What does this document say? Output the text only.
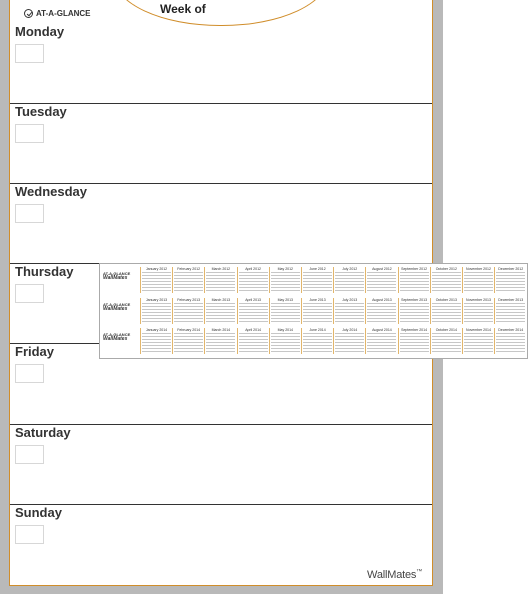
AT-A-GLANCE
Monday
Tuesday
Wednesday
Thursday
Friday
Saturday
Sunday
WallMates™
Week of
AT-A-GLANCE
WallMates
January 2012	February 2012	March 2012	April 2012	May 2012	June 2012	July 2012	August 2012	September 2012	October 2012	November 2012	December 2012
AT-A-GLANCE
WallMates
January 2013	February 2013	March 2013	April 2013	May 2013	June 2013	July 2013	August 2013	September 2013	October 2013	November 2013	December 2013
AT-A-GLANCE
WallMates
January 2014	February 2014	March 2014	April 2014	May 2014	June 2014	July 2014	August 2014	September 2014	October 2014	November 2014	December 2014
